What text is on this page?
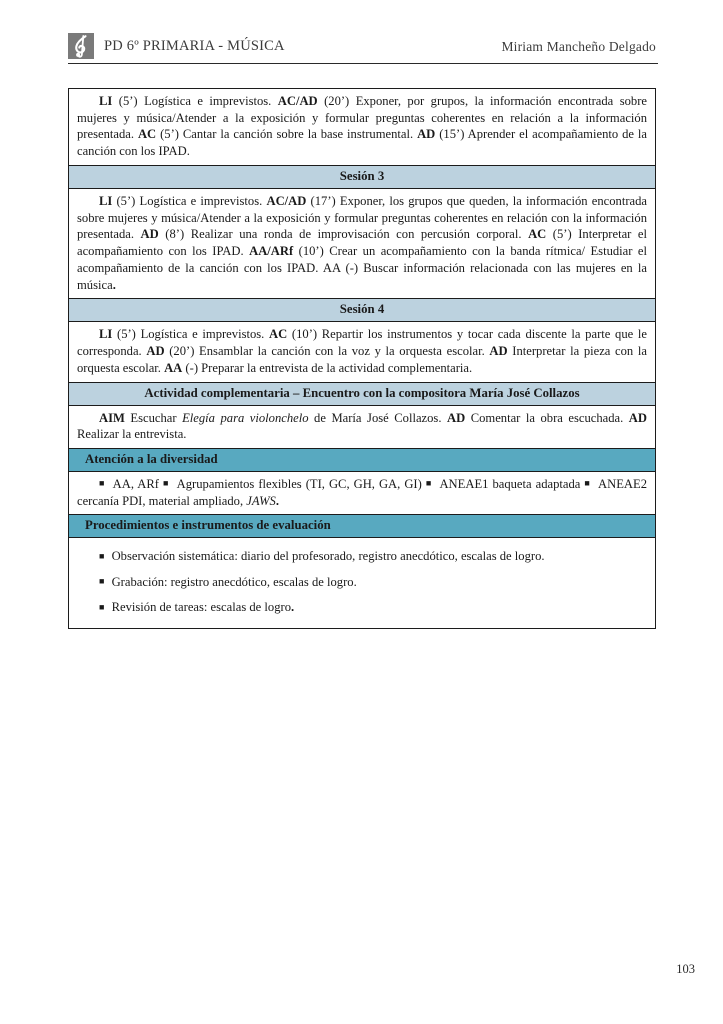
PD 6º PRIMARIA - MÚSICA	Miriam Mancheño Delgado
LI (5’) Logística e imprevistos. AC/AD (20’) Exponer, por grupos, la información encontrada sobre mujeres y música/Atender a la exposición y formular preguntas coherentes en relación a la información presentada. AC (5’) Cantar la canción sobre la base instrumental. AD (15’) Aprender el acompañamiento de la canción con los IPAD.
Sesión 3
LI (5’) Logística e imprevistos. AC/AD (17’) Exponer, los grupos que queden, la información encontrada sobre mujeres y música/Atender a la exposición y formular preguntas coherentes en relación con la información presentada. AD (8’) Realizar una ronda de improvisación con percusión corporal. AC (5’) Interpretar el acompañamiento con los IPAD. AA/ARf (10’) Crear un acompañamiento con la banda rítmica/ Estudiar el acompañamiento de la canción con los IPAD. AA (-) Buscar información relacionada con las mujeres en la música.
Sesión 4
LI (5’) Logística e imprevistos. AC (10’) Repartir los instrumentos y tocar cada discente la parte que le corresponda. AD (20’) Ensamblar la canción con la voz y la orquesta escolar. AD Interpretar la pieza con la orquesta escolar. AA (-) Preparar la entrevista de la actividad complementaria.
Actividad complementaria – Encuentro con la compositora María José Collazos
AIM Escuchar Elegía para violonchelo de María José Collazos. AD Comentar la obra escuchada. AD Realizar la entrevista.
Atención a la diversidad
■ AA, ARf ■ Agrupamientos flexibles (TI, GC, GH, GA, GI) ■ ANEAE1 baqueta adaptada ■ ANEAE2 cercanía PDI, material ampliado, JAWS.
Procedimientos e instrumentos de evaluación
■ Observación sistemática: diario del profesorado, registro anecdótico, escalas de logro.
■ Grabación: registro anecdótico, escalas de logro.
■ Revisión de tareas: escalas de logro.
103
